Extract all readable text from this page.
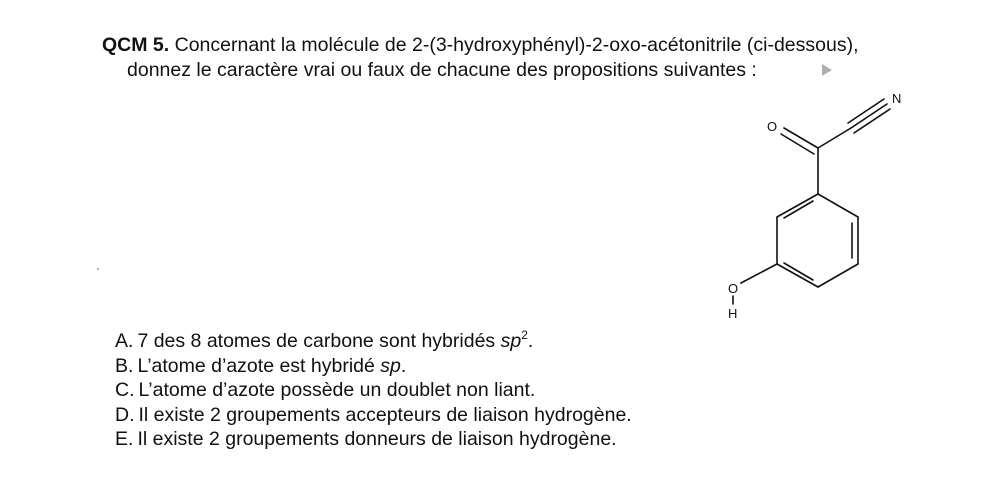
QCM 5. Concernant la molécule de 2-(3-hydroxyphényl)-2-oxo-acétonitrile (ci-dessous),
donnez le caractère vrai ou faux de chacune des propositions suivantes :

O
N
O
H
A. 7 des 8 atomes de carbone sont hybridés $sp^2$.
B. L’atome d’azote est hybridé sp.
C. L’atome d’azote possède un doublet non liant.
D. Il existe 2 groupements accepteurs de liaison hydrogène.
E. Il existe 2 groupements donneurs de liaison hydrogène.
